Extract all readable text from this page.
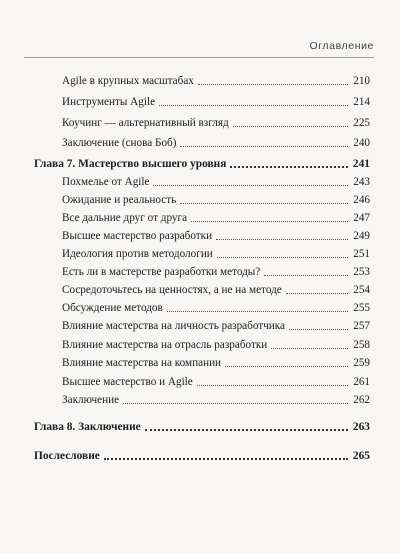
Оглавление
Agile в крупных масштабах	210
Инструменты Agile	214
Коучинг — альтернативный взгляд	225
Заключение (снова Боб)	240
Глава 7. Мастерство высшего уровня	241
Похмелье от Agile	243
Ожидание и реальность	246
Все дальние друг от друга	247
Высшее мастерство разработки	249
Идеология против методологии	251
Есть ли в мастерстве разработки методы?	253
Сосредоточьтесь на ценностях, а не на методе	254
Обсуждение методов	255
Влияние мастерства на личность разработчика	257
Влияние мастерства на отрасль разработки	258
Влияние мастерства на компании	259
Высшее мастерство и Agile	261
Заключение	262
Глава 8. Заключение	263
Послесловие	265
